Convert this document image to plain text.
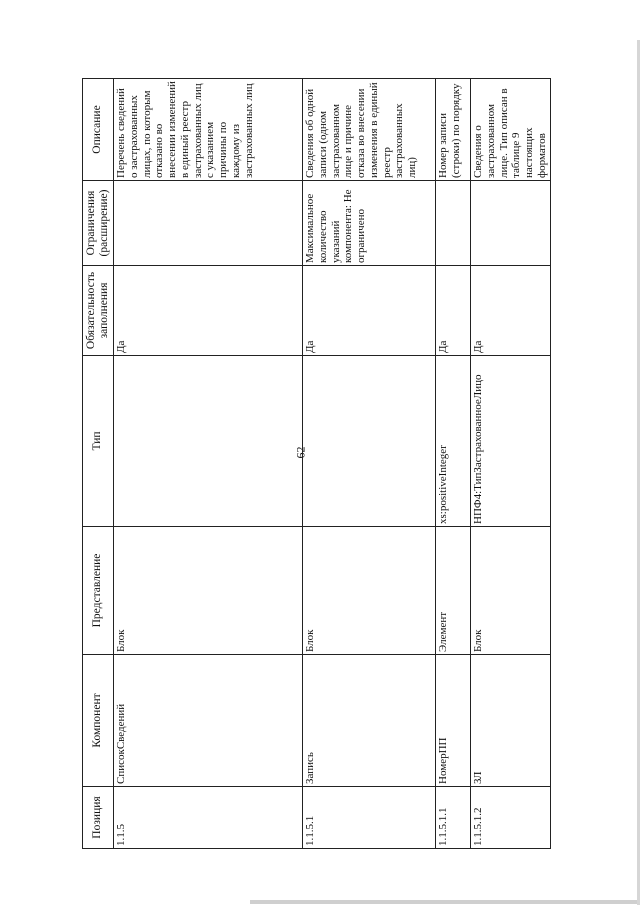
62
Позиция	Компонент	Представление	Тип	Обязательность заполнения	Ограничения (расширение)	Описание
1.1.5	СписокСведений	Блок		Да		Перечень сведений о застрахованных лицах, по которым отказано во внесении изменений в единый реестр застрахованных лиц с указанием причины по каждому из застрахованных лиц
1.1.5.1	Запись	Блок		Да	Максимальное количество указаний компонента: Не ограничено	Сведения об одной записи (одном застрахованном лице и причине отказа во внесении изменения в единый реестр застрахованных лиц)
1.1.5.1.1	НомерПП	Элемент	xs:positiveInteger	Да		Номер записи (строки) по порядку
1.1.5.1.2	ЗЛ	Блок	НПФ4:ТипЗастрахованноеЛицо	Да		Сведения о застрахованном лице. Тип описан в таблице 9 настоящих форматов
